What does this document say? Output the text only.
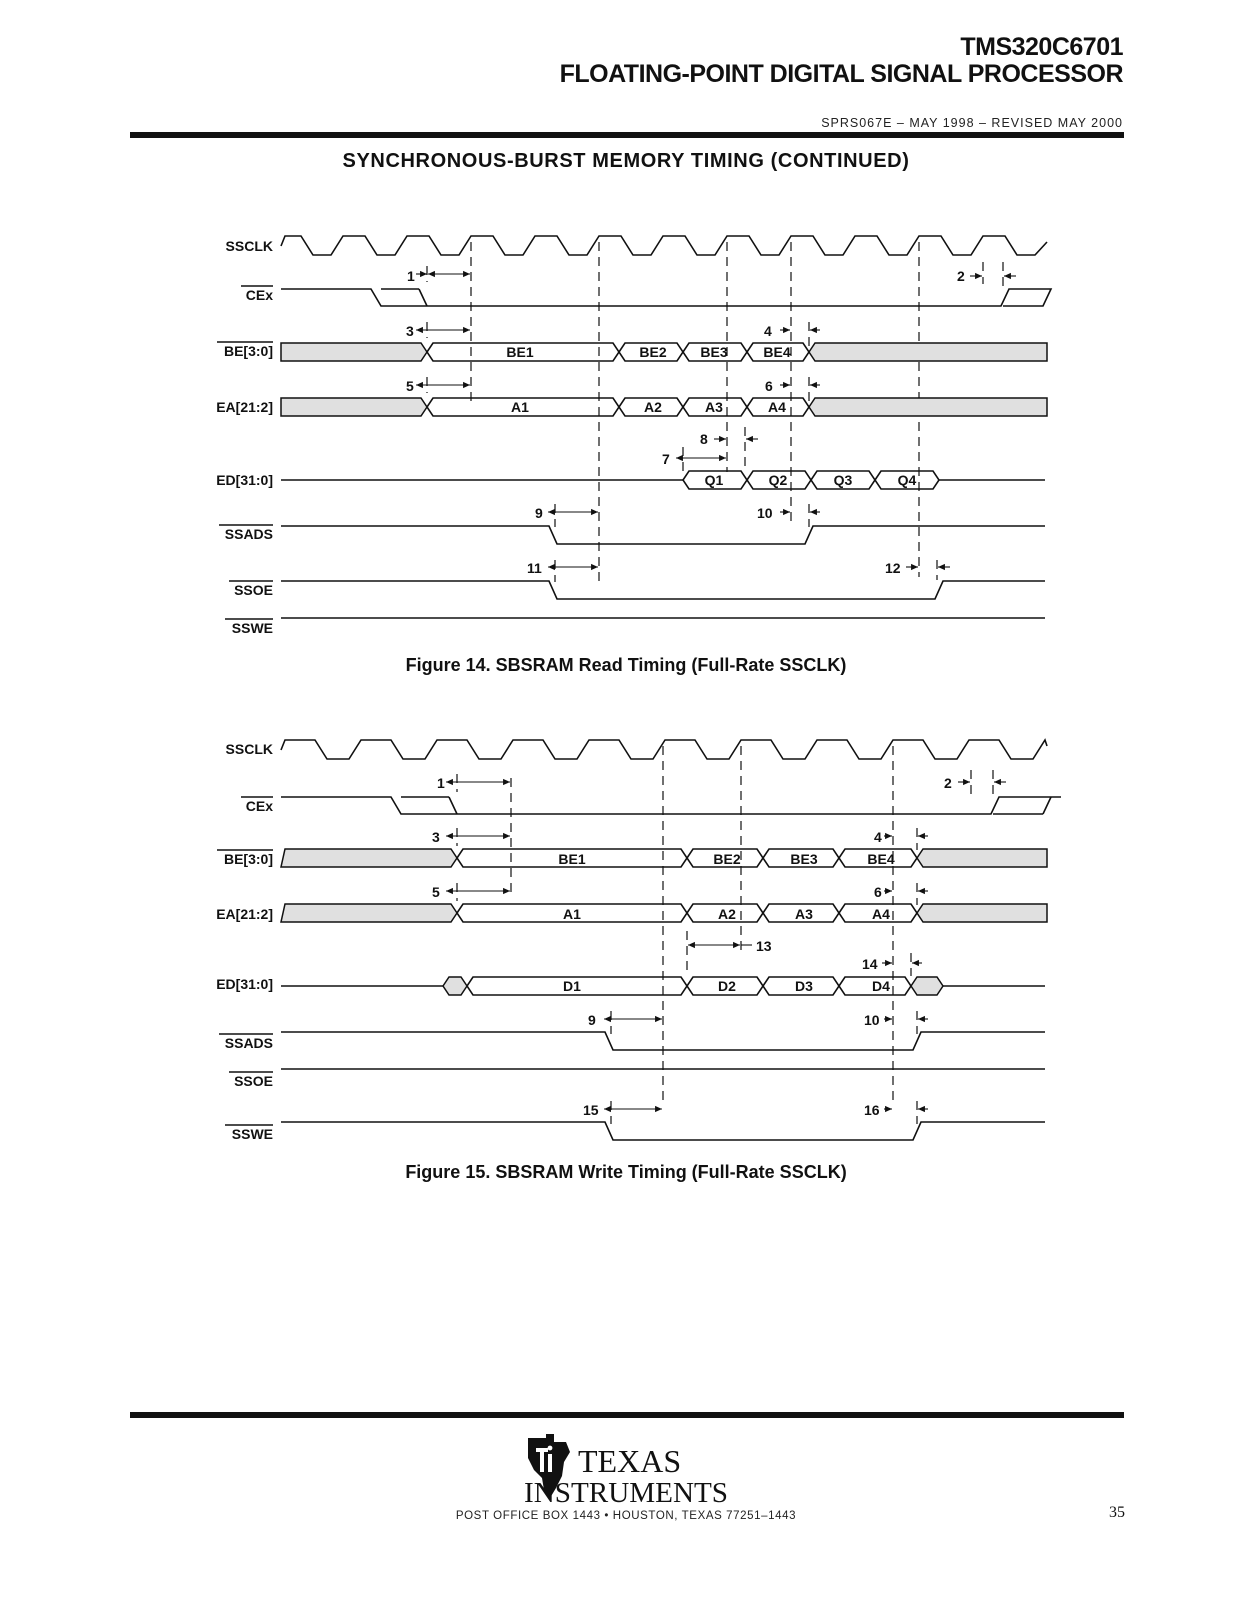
TMS320C6701
FLOATING-POINT DIGITAL SIGNAL PROCESSOR
SPRS067E – MAY 1998 – REVISED MAY 2000
SYNCHRONOUS-BURST MEMORY TIMING (CONTINUED)
SSCLK
CEx
BE[3:0]
EA[21:2]
ED[31:0]
SSADS
SSOE
SSWE
BE1	BE2 BE3	BE4
A1	A2	A3	A4
Q1	Q2	Q3	Q4
1	2
3	4
5	6
7
8
9	10
11	12
Figure 14. SBSRAM Read Timing (Full-Rate SSCLK)
SSCLK
CEx
BE[3:0]
EA[21:2]
ED[31:0]
SSADS
SSOE
SSWE
BE1	BE2	BE3	BE4
A1	A2	A3	A4
D1	D2	D3	D4
1	2
3	4
5	6
13
14
9	10
15	16
Figure 15. SBSRAM Write Timing (Full-Rate SSCLK)
TEXAS
INSTRUMENTS
POST OFFICE BOX 1443 • HOUSTON, TEXAS 77251–1443	35
